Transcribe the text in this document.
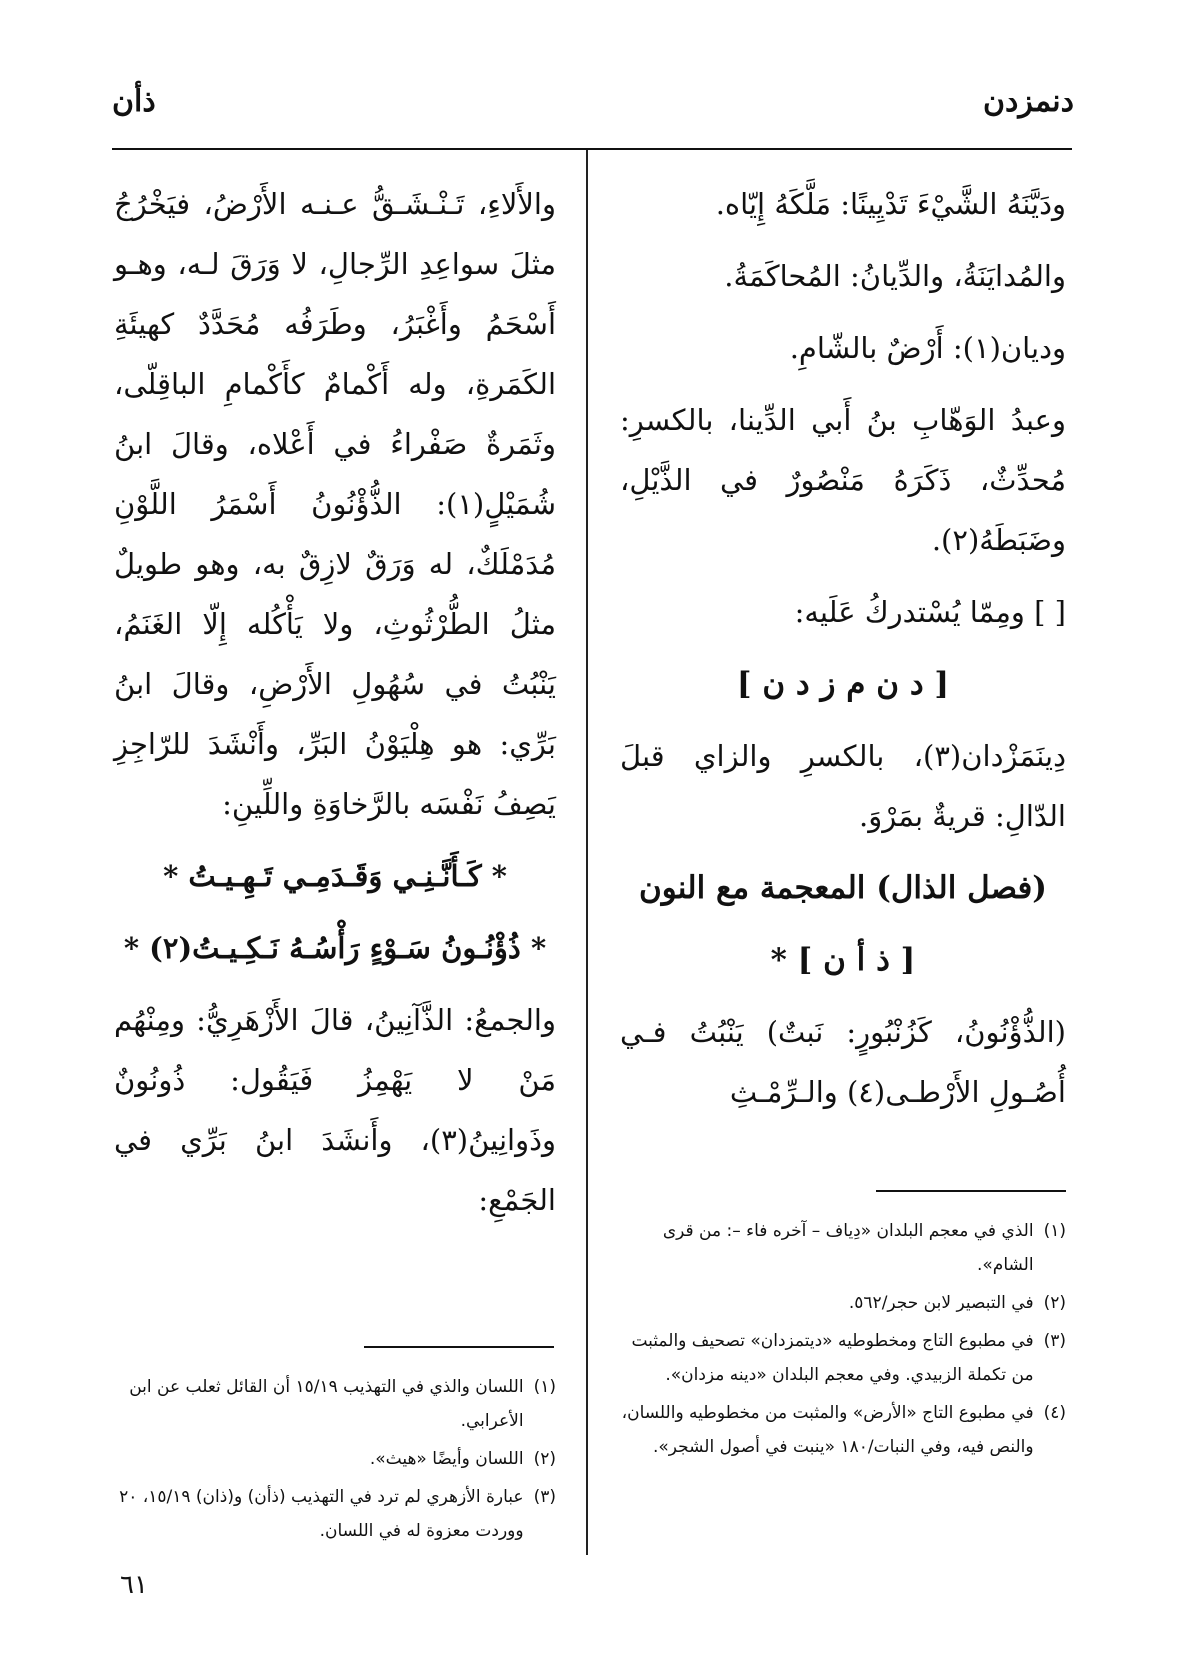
ذأن	دنمزدن

ودَيَّنَهُ الشَّيْءَ تَدْيِينًا: مَلَّكَهُ إِيّاه.

والمُدايَنَةُ، والدِّيانُ: المُحاكَمَةُ.

وديان(١): أَرْضٌ بالشّامِ.

وعبدُ الوَهّابِ بنُ أَبي الدِّينا، بالكسرِ: مُحدِّثٌ، ذَكَرَهُ مَنْصُورٌ في الذَّيْلِ، وضَبَطَهُ(٢).

[ ] ومِمّا يُسْتدركُ عَلَيه:

[ د ن م ز د ن ]

دِينَمَزْدان(٣)، بالكسرِ والزاي قبلَ الدّالِ: قريةٌ بمَرْوَ.

(فصل الذال) المعجمة مع النون
[ ذ أ ن ] *

(الذُّؤْنُونُ، كَزُنْبُورٍ: نَبتٌ) يَنْبُتُ فـي أُصُـولِ الأَرْطـى(٤) والـرِّمْـثِ

والأَلاءِ، تَـنْـشَـقُّ عـنـه الأَرْضُ، فيَخْرُجُ مثلَ سواعِدِ الرِّجالِ، لا وَرَقَ لـه، وهـو أَسْحَمُ وأَغْبَرُ، وطَرَفُه مُحَدَّدٌ كهيئَةِ الكَمَرةِ، وله أَكْمامٌ كأَكْمامِ الباقِلّى، وثَمَرةٌ صَفْراءُ في أَعْلاه، وقالَ ابنُ شُمَيْلٍ(١): الذُّؤْنُونُ أَسْمَرُ اللَّوْنِ مُدَمْلَكٌ، له وَرَقٌ لازِقٌ به، وهو طويلٌ مثلُ الطُّرْثُوثِ، ولا يَأْكُله إِلّا الغَنَمُ، يَنْبُتُ في سُهُولِ الأَرْضِ، وقالَ ابنُ بَرِّي: هو هِلْيَوْنُ البَرِّ، وأَنْشَدَ للرّاجِزِ يَصِفُ نَفْسَه بالرَّخاوَةِ واللِّينِ:

* كَـأَنَّـنِـي وَقَـدَمِـي تَـهِـيـتُ *

* ذُؤْنُـونُ سَـوْءٍ رَأْسُـهُ نَـكِـيـتُ(٢) *

والجمعُ: الذَّآنِينُ، قالَ الأَزْهَرِيُّ: ومِنْهُم مَنْ لا يَهْمِزُ فَيَقُول: ذُونُونٌ وذَوانِينُ(٣)، وأَنشَدَ ابنُ بَرِّي في الجَمْعِ:

(١)
الذي في معجم البلدان «دِياف – آخره فاء –: من قرى الشام».
(٢)
في التبصير لابن حجر/٥٦٢.
(٣)
في مطبوع التاج ومخطوطيه «ديتمزدان» تصحيف والمثبت من تكملة الزبيدي. وفي معجم البلدان «دينه مزدان».
(٤)
في مطبوع التاج «الأرض» والمثبت من مخطوطيه واللسان، والنص فيه، وفي النبات/١٨٠ «ينبت في أصول الشجر».
(١)
اللسان والذي في التهذيب ١٥/١٩ أن القائل ثعلب عن ابن الأعرابي.
(٢)
اللسان وأيضًا «هيث».
(٣)
عبارة الأزهري لم ترد في التهذيب (ذأن) و(ذان) ١٥/١٩، ٢٠ ووردت معزوة له في اللسان.
٦١
